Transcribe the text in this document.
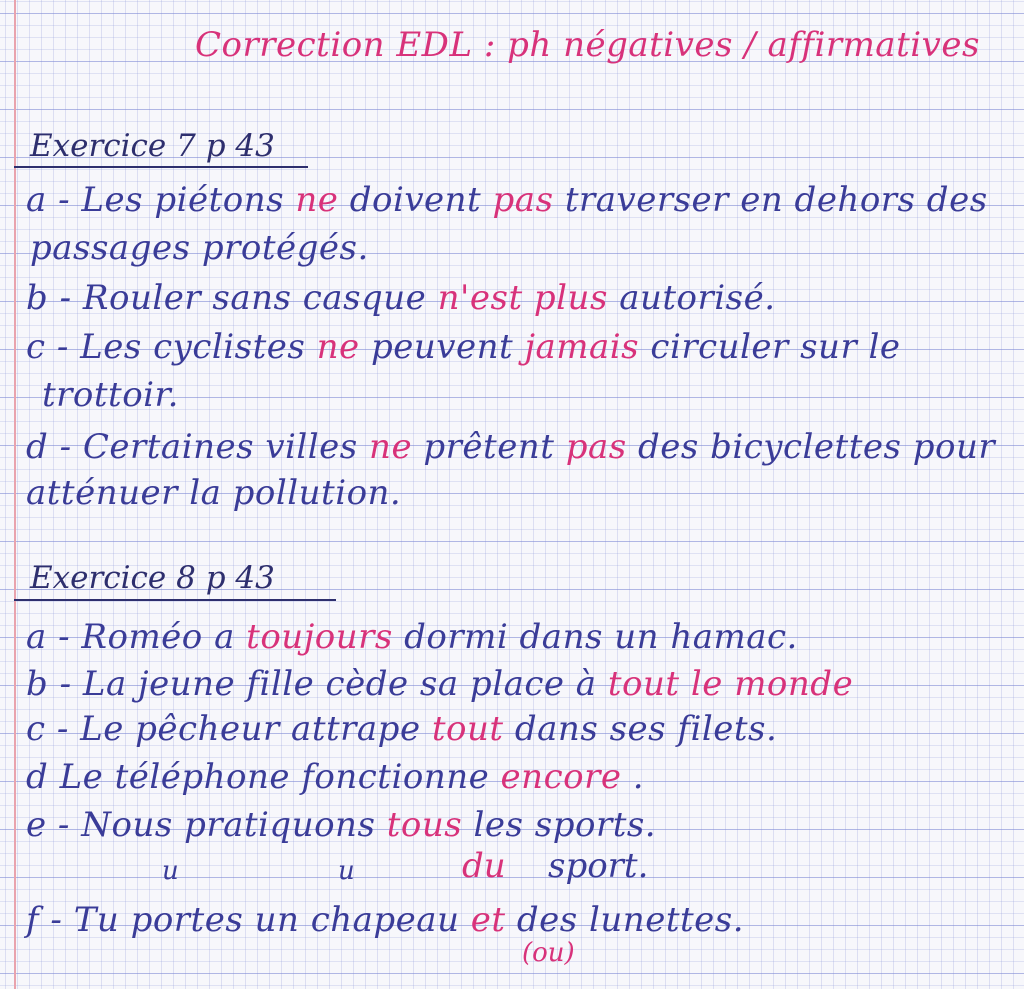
Correction EDL : ph négatives / affirmatives
Exercice 7 p 43
a - Les piétons ne doivent pas traverser en dehors des
passages protégés.
b - Rouler sans casque n'est plus autorisé.
c - Les cyclistes ne peuvent jamais circuler sur le
trottoir.
d - Certaines villes ne prêtent pas des bicyclettes pour
atténuer la pollution.
Exercice 8 p 43
a - Roméo a toujours dormi dans un hamac.
b - La jeune fille cède sa place à tout le monde
c - Le pêcheur attrape tout dans ses filets.
d Le téléphone fonctionne encore .
e - Nous pratiquons tous les sports.
f - Tu portes un chapeau et des lunettes.
u	u	du sport.
(ou)
